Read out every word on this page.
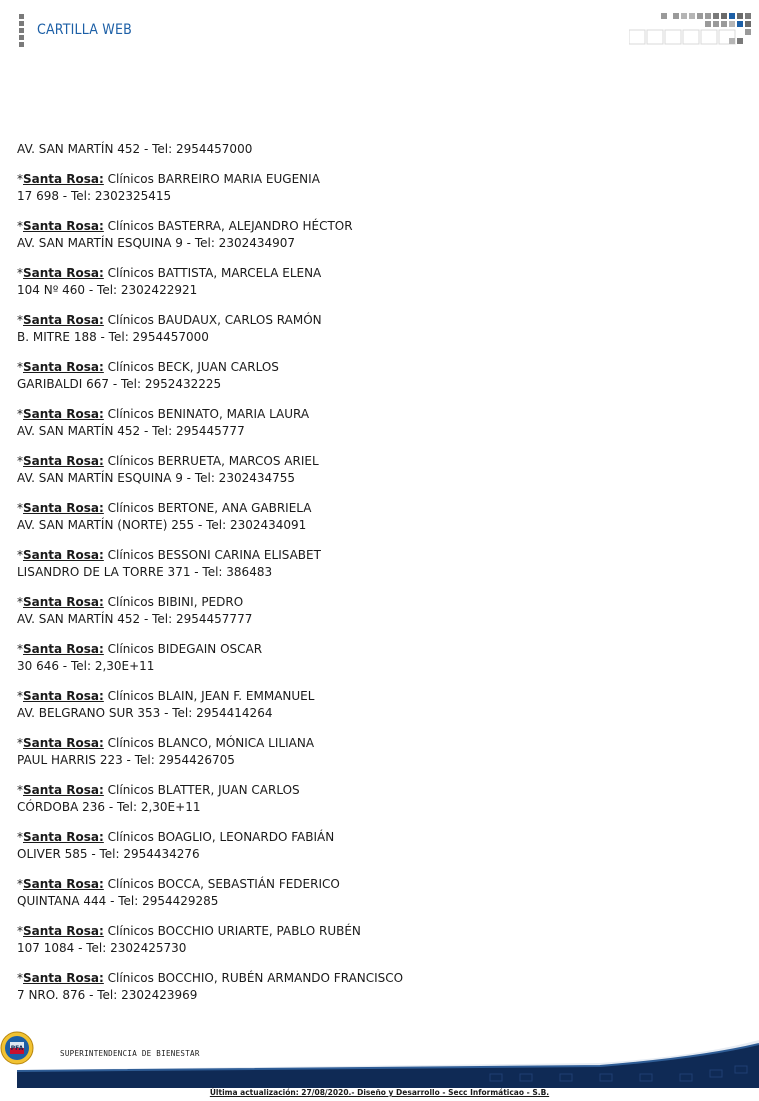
CARTILLA WEB

AV. SAN MARTÍN 452 - Tel: 2954457000

*Santa Rosa: Clínicos BARREIRO MARIA EUGENIA

17 698 - Tel: 2302325415

*Santa Rosa: Clínicos BASTERRA, ALEJANDRO HÉCTOR

AV. SAN MARTÍN ESQUINA 9 - Tel: 2302434907

*Santa Rosa: Clínicos BATTISTA, MARCELA ELENA

104 Nº 460 - Tel: 2302422921

*Santa Rosa: Clínicos BAUDAUX, CARLOS RAMÓN

B. MITRE 188 - Tel: 2954457000

*Santa Rosa: Clínicos BECK, JUAN CARLOS

GARIBALDI 667 - Tel: 2952432225

*Santa Rosa: Clínicos BENINATO, MARIA LAURA

AV. SAN MARTÍN 452 - Tel: 295445777

*Santa Rosa: Clínicos BERRUETA, MARCOS ARIEL

AV. SAN MARTÍN ESQUINA 9 - Tel: 2302434755

*Santa Rosa: Clínicos BERTONE, ANA GABRIELA

AV. SAN MARTÍN (NORTE) 255 - Tel: 2302434091

*Santa Rosa: Clínicos BESSONI CARINA ELISABET

LISANDRO DE LA TORRE 371 - Tel: 386483

*Santa Rosa: Clínicos BIBINI, PEDRO

AV. SAN MARTÍN 452 - Tel: 2954457777

*Santa Rosa: Clínicos BIDEGAIN OSCAR

30 646 - Tel: 2,30E+11

*Santa Rosa: Clínicos BLAIN, JEAN F. EMMANUEL

AV. BELGRANO SUR 353 - Tel: 2954414264

*Santa Rosa: Clínicos BLANCO, MÓNICA LILIANA

PAUL HARRIS 223 - Tel: 2954426705

*Santa Rosa: Clínicos BLATTER, JUAN CARLOS

CÓRDOBA 236 - Tel: 2,30E+11

*Santa Rosa: Clínicos BOAGLIO, LEONARDO FABIÁN

OLIVER 585 - Tel: 2954434276

*Santa Rosa: Clínicos BOCCA, SEBASTIÁN FEDERICO

QUINTANA 444 - Tel: 2954429285

*Santa Rosa: Clínicos BOCCHIO URIARTE, PABLO RUBÉN

107 1084 - Tel: 2302425730

*Santa Rosa: Clínicos BOCCHIO, RUBÉN ARMANDO FRANCISCO

7 NRO. 876 - Tel: 2302423969

PFA
SUPERINTENDENCIA DE BIENESTAR
Última actualización: 27/08/2020.- Diseño y Desarrollo - Secc Informáticao - S.B.
